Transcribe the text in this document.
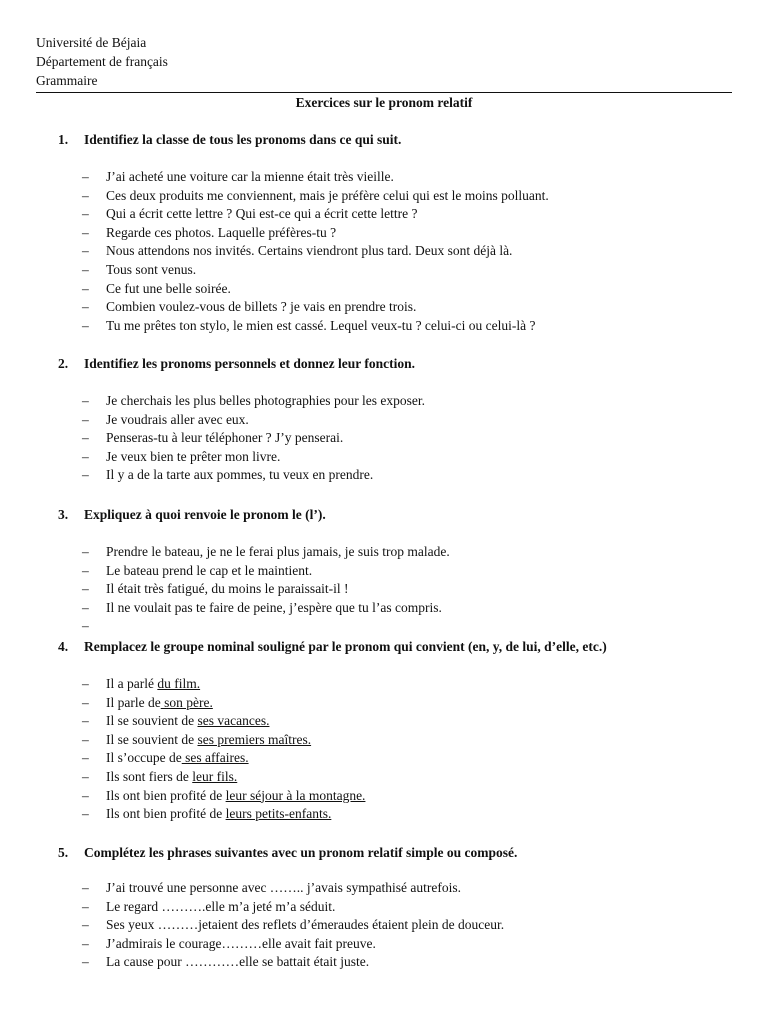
Université de Béjaia
Département de français
Grammaire
Exercices sur le pronom relatif
1. Identifiez la classe de tous les pronoms dans ce qui suit.
– J’ai acheté une voiture car la mienne était très vieille.
– Ces deux produits me conviennent, mais je préfère celui qui est le moins polluant.
– Qui a écrit cette lettre ? Qui est-ce qui a écrit cette lettre ?
– Regarde ces photos. Laquelle préfères-tu ?
– Nous attendons nos invités. Certains viendront plus tard. Deux sont déjà là.
– Tous sont venus.
– Ce fut une belle soirée.
– Combien voulez-vous de billets ? je vais en prendre trois.
– Tu me prêtes ton stylo, le mien est cassé. Lequel veux-tu ? celui-ci ou celui-là ?
2. Identifiez les pronoms personnels et donnez leur fonction.
– Je cherchais les plus belles photographies pour les exposer.
– Je voudrais aller avec eux.
– Penseras-tu à leur téléphoner ? J’y penserai.
– Je veux bien te prêter mon livre.
– Il y a de la tarte aux pommes, tu veux en prendre.
3. Expliquez à quoi renvoie le pronom le (l’).
– Prendre le bateau, je ne le ferai plus jamais, je suis trop malade.
– Le bateau prend le cap et le maintient.
– Il était très fatigué, du moins le paraissait-il !
– Il ne voulait pas te faire de peine, j’espère que tu l’as compris.
–
4. Remplacez le groupe nominal souligné par le pronom qui convient (en, y, de lui, d’elle, etc.)
– Il a parlé du film.
– Il parle de son père.
– Il se souvient de ses vacances.
– Il se souvient de ses premiers maîtres.
– Il s’occupe de ses affaires.
– Ils sont fiers de leur fils.
– Ils ont bien profité de leur séjour à la montagne.
– Ils ont bien profité de leurs petits-enfants.
5. Complétez les phrases suivantes avec un pronom relatif simple ou composé.
– J’ai trouvé une personne avec …….. j’avais sympathisé autrefois.
– Le regard ……….elle m’a jeté m’a séduit.
– Ses yeux ………jetaient des reflets d’émeraudes étaient plein de douceur.
– J’admirais le courage………elle avait fait preuve.
– La cause pour …………elle se battait était juste.
